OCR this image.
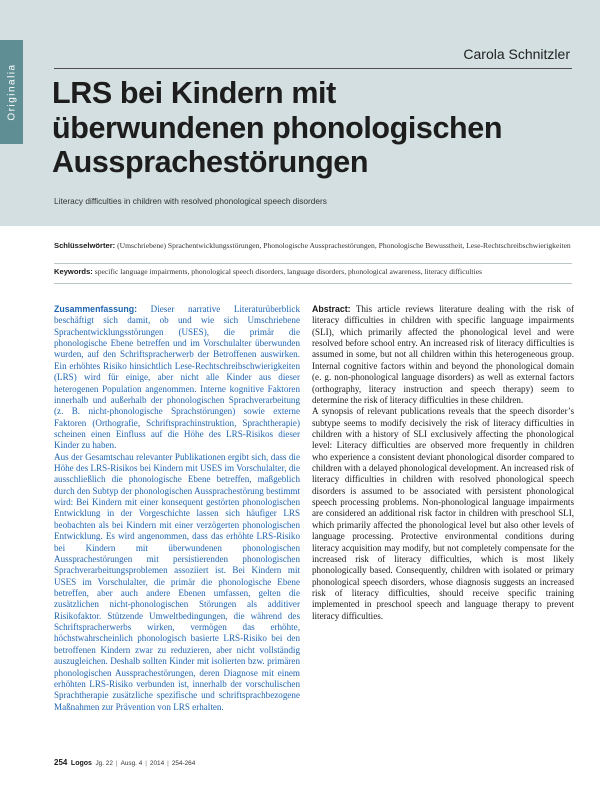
Originalia
Carola Schnitzler
LRS bei Kindern mit
überwundenen phonologischen
Aussprachestörungen
Literacy difficulties in children with resolved phonological speech disorders
Schlüsselwörter: (Umschriebene) Sprachentwicklungsstörungen, Phonologische Aussprachestörungen, Phonologische Bewusstheit, Lese-Rechtschreibschwierigkeiten
Keywords: specific language impairments, phonological speech disorders, language disorders, phonological awareness, literacy difficulties

Zusammenfassung: Dieser narrative Literaturüberblick beschäftigt sich damit, ob und wie sich Umschriebene Sprachentwicklungsstörungen (USES), die primär die phonologische Ebene betreffen und im Vorschulalter überwunden wurden, auf den Schriftspracherwerb der Betroffenen auswirken. Ein erhöhtes Risiko hinsichtlich Lese-Rechtschreibschwierigkeiten (LRS) wird für einige, aber nicht alle Kinder aus dieser heterogenen Population angenommen. Interne kognitive Faktoren innerhalb und außerhalb der phonologischen Sprachverarbeitung (z. B. nicht-phonologische Sprachstörungen) sowie externe Faktoren (Orthografie, Schriftsprachinstruktion, Sprachtherapie) scheinen einen Einfluss auf die Höhe des LRS-Risikos dieser Kinder zu haben.

Aus der Gesamtschau relevanter Publikationen ergibt sich, dass die Höhe des LRS-Risikos bei Kindern mit USES im Vorschulalter, die ausschließlich die phonologische Ebene betreffen, maßgeblich durch den Subtyp der phonologischen Aussprachestörung bestimmt wird: Bei Kindern mit einer konsequent gestörten phonologischen Entwicklung in der Vorgeschichte lassen sich häufiger LRS beobachten als bei Kindern mit einer verzögerten phonologischen Entwicklung. Es wird angenommen, dass das erhöhte LRS-Risiko bei Kindern mit überwundenen phonologischen Aussprachestörungen mit persistierenden phonologischen Sprachverarbeitungsproblemen assoziiert ist. Bei Kindern mit USES im Vorschulalter, die primär die phonologische Ebene betreffen, aber auch andere Ebenen umfassen, gelten die zusätzlichen nicht-phonologischen Störungen als additiver Risikofaktor. Stützende Umweltbedingungen, die während des Schriftspracherwerbs wirken, vermögen das erhöhte, höchstwahrscheinlich phonologisch basierte LRS-Risiko bei den betroffenen Kindern zwar zu reduzieren, aber nicht vollständig auszugleichen. Deshalb sollten Kinder mit isolierten bzw. primären phonologischen Aussprachestörungen, deren Diagnose mit einem erhöhten LRS-Risiko verbunden ist, innerhalb der vorschulischen Sprachtherapie zusätzliche spezifische und schriftsprachbezogene Maßnahmen zur Prävention von LRS erhalten.

Abstract: This article reviews literature dealing with the risk of literacy difficulties in children with specific language impairments (SLI), which primarily affected the phonological level and were resolved before school entry. An increased risk of literacy difficulties is assumed in some, but not all children within this heterogeneous group. Internal cognitive factors within and beyond the phonological domain (e. g. non-phonological language disorders) as well as external factors (orthography, literacy instruction and speech therapy) seem to determine the risk of literacy difficulties in these children.

A synopsis of relevant publications reveals that the speech disorder’s subtype seems to modify decisively the risk of literacy difficulties in children with a history of SLI exclusively affecting the phonological level: Literacy difficulties are observed more frequently in children who experience a consistent deviant phonological disorder compared to children with a delayed phonological development. An increased risk of literacy difficulties in children with resolved phonological speech disorders is assumed to be associated with persistent phonological speech processing problems. Non-phonological language impairments are considered an additional risk factor in children with preschool SLI, which primarily affected the phonological level but also other levels of language processing. Protective environmental conditions during literacy acquisition may modify, but not completely compensate for the increased risk of literacy difficulties, which is most likely phonologically based. Consequently, children with isolated or primary phonological speech disorders, whose diagnosis suggests an increased risk of literacy difficulties, should receive specific training implemented in preschool speech and language therapy to prevent literacy difficulties.

254 Logos Jg. 22 | Ausg. 4 | 2014 | 254-264
